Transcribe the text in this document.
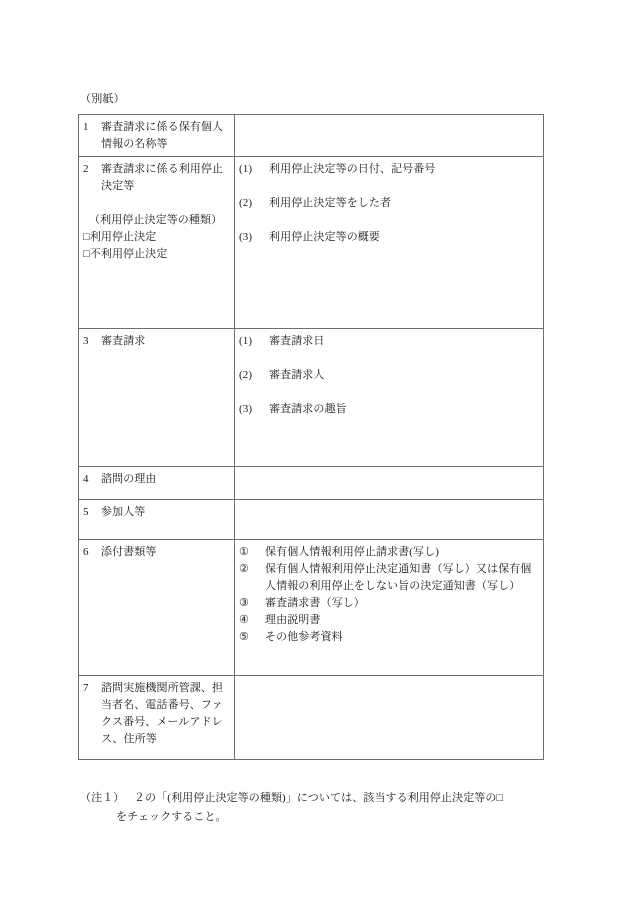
（別紙）
1 審査請求に係る保有個人情報の名称等	

2 審査請求に係る利用停止決定等
（利用停止決定等の種類）
□利用停止決定
□不利用停止決定	(1) 利用停止決定等の日付、記号番号
(2) 利用停止決定等をした者
(3) 利用停止決定等の概要

3 審査請求	(1) 審査請求日
(2) 審査請求人
(3) 審査請求の趣旨

4 諮問の理由	

5 参加人等	

6 添付書類等	① 保有個人情報利用停止請求書(写し)
② 保有個人情報利用停止決定通知書（写し）又は保有個人情報の利用停止をしない旨の決定通知書（写し）
③ 審査請求書（写し）
④ 理由説明書
⑤ その他参考資料

7 諮問実施機関所管課、担当者名、電話番号、ファクス番号、メールアドレス、住所等	

（注１） ２の「(利用停止決定等の種類)」については、該当する利用停止決定等の□
をチェックすること。
